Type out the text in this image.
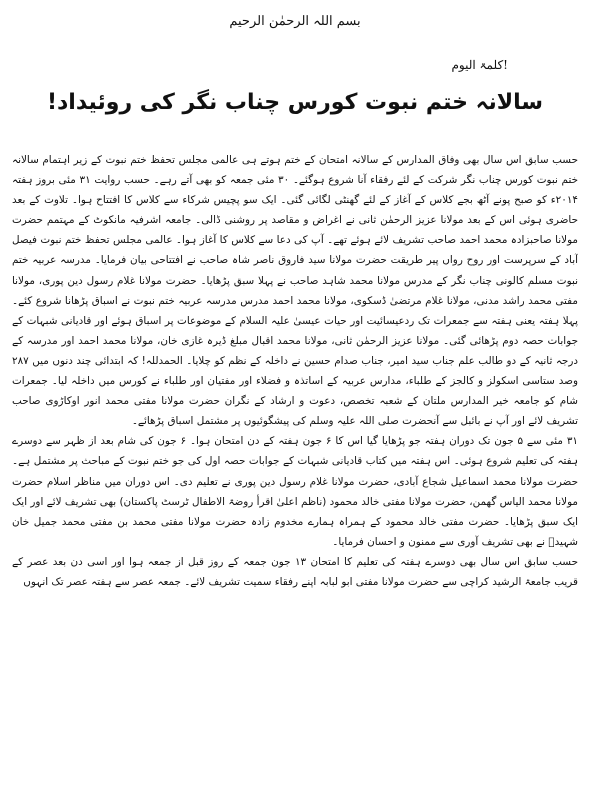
بسم اللہ الرحمٰن الرحیم
کلمۃ الیوم!
سالانہ ختم نبوت کورس چناب نگر کی روئیداد!

حسب سابق اس سال بھی وفاق المدارس کے سالانہ امتحان کے ختم ہوتے ہی عالمی مجلس تحفظ ختم نبوت کے زیر اہتمام سالانہ ختم نبوت کورس چناب نگر شرکت کے لئے رفقاء آنا شروع ہوگئے۔ ۳۰ مئی جمعہ کو بھی آتے رہے۔ حسب روایت ۳۱ مئی بروز ہفتہ ۲۰۱۴ء کو صبح پونے آٹھ بجے کلاس کے آغاز کے لئے گھنٹی لگائی گئی۔ ایک سو پچیس شرکاء سے کلاس کا افتتاح ہوا۔ تلاوت کے بعد حاضری ہوئی اس کے بعد مولانا عزیز الرحمٰن ثانی نے اغراض و مقاصد پر روشنی ڈالی۔ جامعہ اشرفیہ مانکوٹ کے مہتمم حضرت مولانا صاحبزادہ محمد احمد صاحب تشریف لائے ہوئے تھے۔ آپ کی دعا سے کلاس کا آغاز ہوا۔ عالمی مجلس تحفظ ختم نبوت فیصل آباد کے سرپرست اور روح رواں پیر طریقت حضرت مولانا سید فاروق ناصر شاہ صاحب نے افتتاحی بیان فرمایا۔ مدرسہ عربیہ ختم نبوت مسلم کالونی چناب نگر کے مدرس مولانا محمد شاہد صاحب نے پہلا سبق پڑھایا۔ حضرت مولانا غلام رسول دین پوری، مولانا مفتی محمد راشد مدنی، مولانا غلام مرتضیٰ ڈسکوی، مولانا محمد احمد مدرس مدرسہ عربیہ ختم نبوت نے اسباق پڑھانا شروع کئے۔ پہلا ہفتہ یعنی ہفتہ سے جمعرات تک ردعیسائیت اور حیات عیسیٰ علیہ السلام کے موضوعات پر اسباق ہوئے اور قادیانی شبہات کے جوابات حصہ دوم پڑھائی گئی۔ مولانا عزیز الرحمٰن ثانی، مولانا محمد اقبال مبلغ ڈیرہ غازی خان، مولانا محمد احمد اور مدرسہ کے درجہ ثانیہ کے دو طالب علم جناب سید امیر، جناب صدام حسین نے داخلہ کے نظم کو چلایا۔ الحمدللہ! کہ ابتدائی چند دنوں میں ۲۸۷ وصد ستاسی اسکولز و کالجز کے طلباء، مدارس عربیہ کے اساتذہ و فضلاء اور مفتیان اور طلباء نے کورس میں داخلہ لیا۔ جمعرات شام کو جامعہ خیر المدارس ملتان کے شعبہ تخصص، دعوت و ارشاد کے نگران حضرت مولانا مفتی محمد انور اوکاڑوی صاحب تشریف لائے اور آپ نے بائبل سے آنحضرت صلی اللہ علیہ وسلم کی پیشگوئیوں پر مشتمل اسباق پڑھائے۔

۳۱ مئی سے ۵ جون تک دوران ہفتہ جو پڑھایا گیا اس کا ۶ جون ہفتہ کے دن امتحان ہوا۔ ۶ جون کی شام بعد از ظہر سے دوسرے ہفتہ کی تعلیم شروع ہوئی۔ اس ہفتہ میں کتاب قادیانی شبہات کے جوابات حصہ اول کی جو ختم نبوت کے مباحث پر مشتمل ہے۔ حضرت مولانا محمد اسماعیل شجاع آبادی، حضرت مولانا غلام رسول دین پوری نے تعلیم دی۔ اس دوران میں مناظر اسلام حضرت مولانا محمد الیاس گھمن، حضرت مولانا مفتی خالد محمود (ناظم اعلیٰ اقرأ روضۃ الاطفال ٹرسٹ پاکستان) بھی تشریف لائے اور ایک ایک سبق پڑھایا۔ حضرت مفتی خالد محمود کے ہمراہ ہمارے مخدوم زادہ حضرت مولانا مفتی محمد بن مفتی محمد جمیل خان شہیدؒ نے بھی تشریف آوری سے ممنون و احسان فرمایا۔

حسب سابق اس سال بھی دوسرے ہفتہ کی تعلیم کا امتحان ۱۳ جون جمعہ کے روز قبل از جمعہ ہوا اور اسی دن بعد عصر کے قریب جامعۃ الرشید کراچی سے حضرت مولانا مفتی ابو لبابہ اپنے رفقاء سمیت تشریف لائے۔ جمعہ عصر سے ہفتہ عصر تک انہوں
